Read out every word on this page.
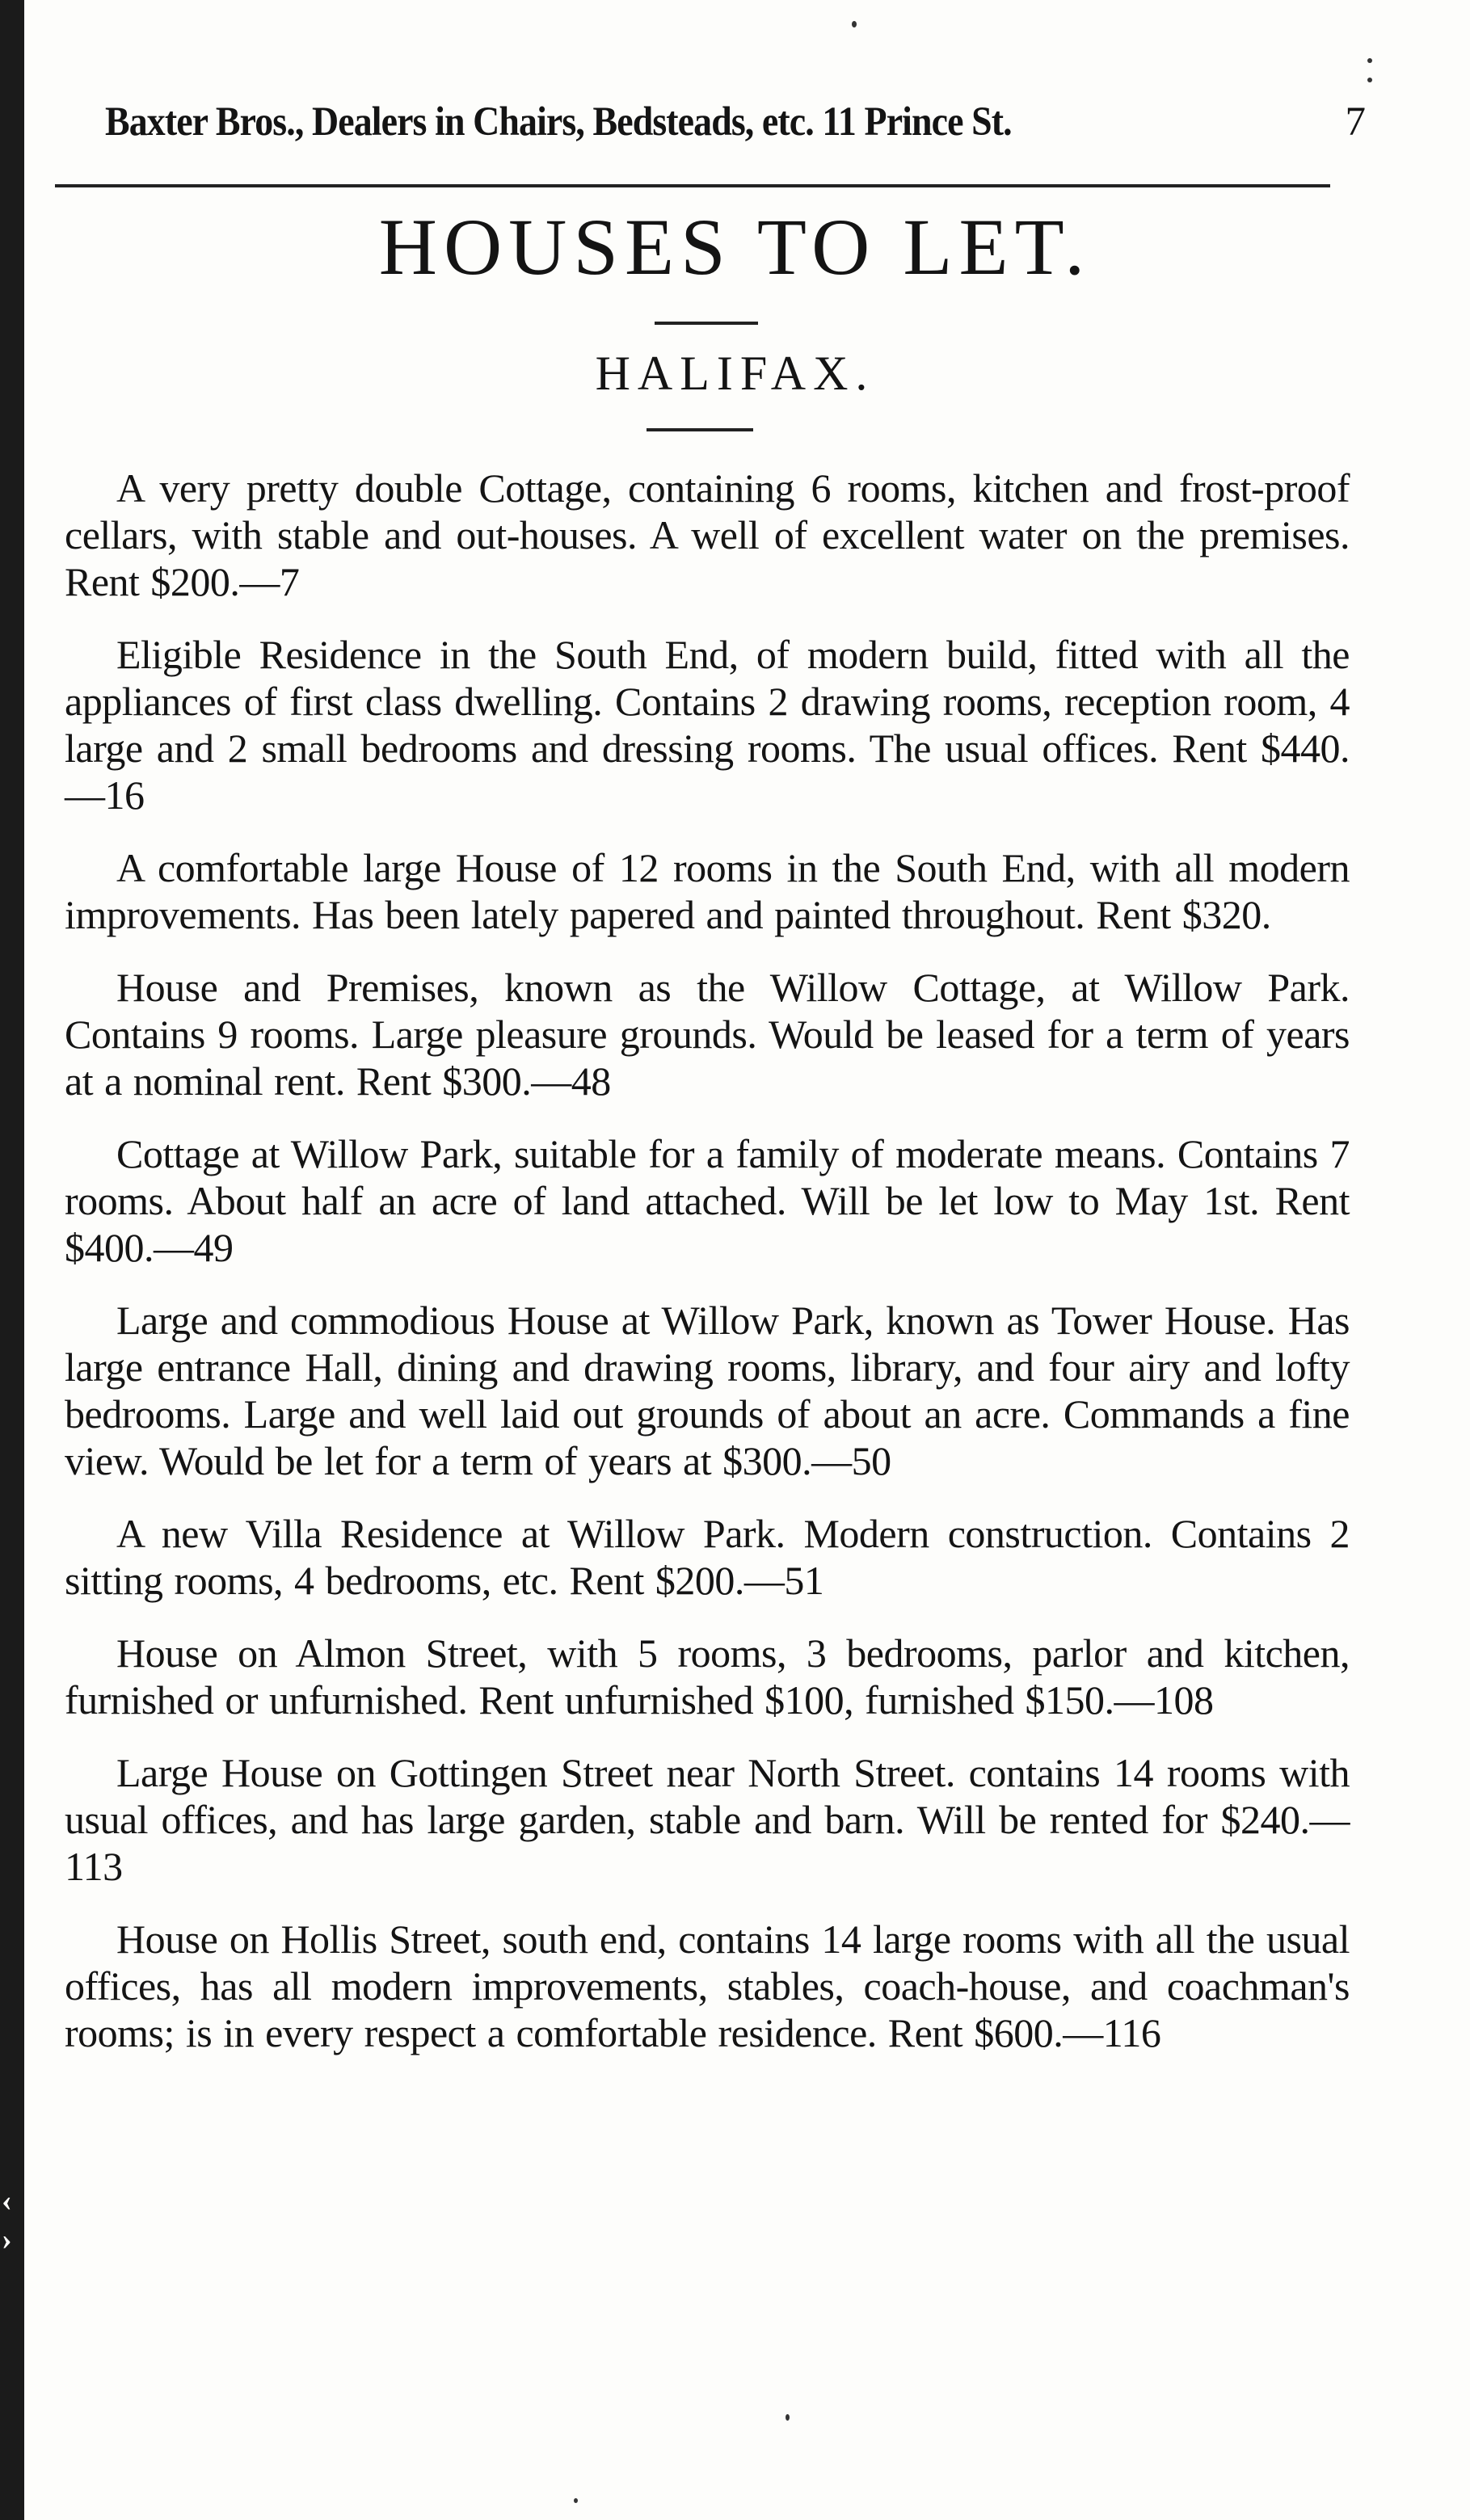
‹
›
Baxter Bros., Dealers in Chairs, Bedsteads, etc. 11 Prince St.	7
HOUSES TO LET.
HALIFAX.
A very pretty double Cottage, containing 6 rooms, kitchen and frost-proof cellars, with stable and out-houses. A well of excellent water on the premises. Rent $200.—7
Eligible Residence in the South End, of modern build, fitted with all the appliances of first class dwelling. Contains 2 drawing rooms, reception room, 4 large and 2 small bedrooms and dressing rooms. The usual offices. Rent $440.—16
A comfortable large House of 12 rooms in the South End, with all modern improvements. Has been lately papered and painted throughout. Rent $320.
House and Premises, known as the Willow Cottage, at Willow Park. Contains 9 rooms. Large pleasure grounds. Would be leased for a term of years at a nominal rent. Rent $300.—48
Cottage at Willow Park, suitable for a family of moderate means. Contains 7 rooms. About half an acre of land attached. Will be let low to May 1st. Rent $400.—49
Large and commodious House at Willow Park, known as Tower House. Has large entrance Hall, dining and drawing rooms, library, and four airy and lofty bedrooms. Large and well laid out grounds of about an acre. Commands a fine view. Would be let for a term of years at $300.—50
A new Villa Residence at Willow Park. Modern construction. Contains 2 sitting rooms, 4 bedrooms, etc. Rent $200.—51
House on Almon Street, with 5 rooms, 3 bedrooms, parlor and kitchen, furnished or unfurnished. Rent unfurnished $100, furnished $150.—108
Large House on Gottingen Street near North Street. contains 14 rooms with usual offices, and has large garden, stable and barn. Will be rented for $240.—113
House on Hollis Street, south end, contains 14 large rooms with all the usual offices, has all modern improvements, stables, coach-house, and coachman's rooms; is in every respect a comfortable residence. Rent $600.—116
